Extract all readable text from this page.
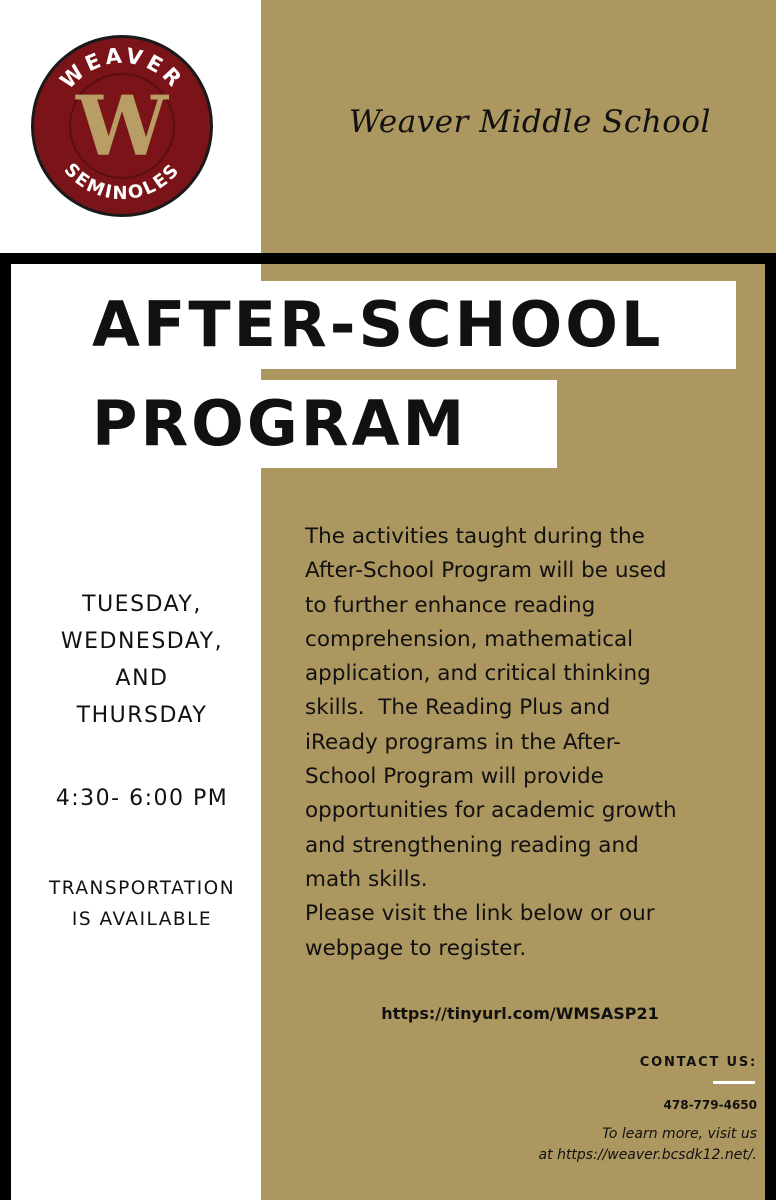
WEAVER
SEMINOLES
W	Weaver Middle School
AFTER-SCHOOL
PROGRAM
TUESDAY,
WEDNESDAY,
AND
THURSDAY
4:30- 6:00 PM
TRANSPORTATION
IS AVAILABLE
The activities taught during the
After-School Program will be used
to further enhance reading
comprehension, mathematical
application, and critical thinking
skills.  The Reading Plus and
iReady programs in the After-
School Program will provide
opportunities for academic growth
and strengthening reading and
math skills.
Please visit the link below or our
webpage to register.
https://tinyurl.com/WMSASP21
CONTACT US:
478-779-4650
To learn more, visit us
at https://weaver.bcsdk12.net/.
